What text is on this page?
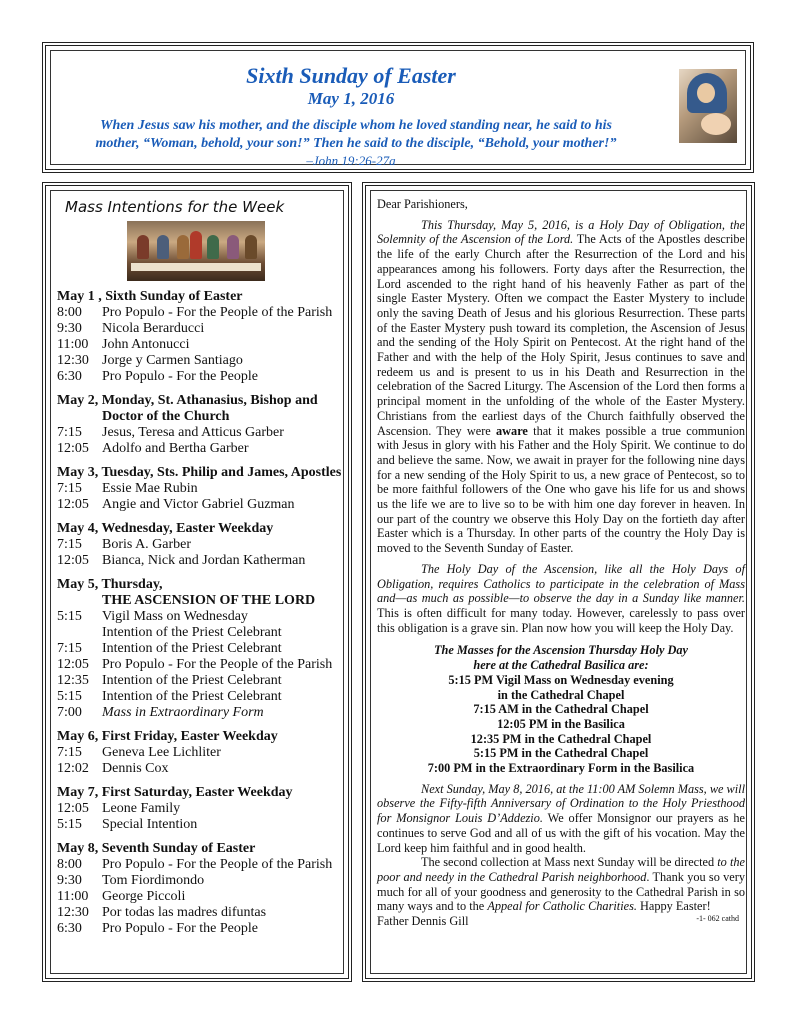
Sixth Sunday of Easter
May 1, 2016
When Jesus saw his mother, and the disciple whom he loved standing near, he said to his
mother, “Woman, behold, your son!” Then he said to the disciple, “Behold, your mother!”
–John 19:26-27a
Mass Intentions for the Week
May 1 , Sixth Sunday of Easter
8:00	Pro Populo - For the People of the Parish
9:30	Nicola Berarducci
11:00 John Antonucci
12:30 Jorge y Carmen Santiago
6:30	Pro Populo - For the People
May 2, Monday, St. Athanasius, Bishop and
Doctor of the Church
7:15	Jesus, Teresa and Atticus Garber
12:05 Adolfo and Bertha Garber
May 3, Tuesday, Sts. Philip and James, Apostles
7:15	Essie Mae Rubin
12:05 Angie and Victor Gabriel Guzman
May 4, Wednesday, Easter Weekday
7:15	Boris A. Garber
12:05 Bianca, Nick and Jordan Katherman
May 5, Thursday,
THE ASCENSION OF THE LORD
5:15	Vigil Mass on Wednesday
Intention of the Priest Celebrant
7:15	Intention of the Priest Celebrant
12:05 Pro Populo - For the People of the Parish
12:35 Intention of the Priest Celebrant
5:15	Intention of the Priest Celebrant
7:00	Mass in Extraordinary Form
May 6, First Friday, Easter Weekday
7:15	Geneva Lee Lichliter
12:02 Dennis Cox
May 7, First Saturday, Easter Weekday
12:05 Leone Family
5:15	Special Intention
May 8, Seventh Sunday of Easter
8:00	Pro Populo - For the People of the Parish
9:30	Tom Fiordimondo
11:00 George Piccoli
12:30 Por todas las madres difuntas
6:30	Pro Populo - For the People

Dear Parishioners,

This Thursday, May 5, 2016, is a Holy Day of Obligation, the Solemnity of the Ascension of the Lord. The Acts of the Apostles describe the life of the early Church after the Resurrection of the Lord and his appearances among his followers. Forty days after the Resurrection, the Lord ascended to the right hand of his heavenly Father as part of the single Easter Mystery. Often we compact the Easter Mystery to include only the saving Death of Jesus and his glorious Resurrection. These parts of the Easter Mystery push toward its completion, the Ascension of Jesus and the sending of the Holy Spirit on Pentecost. At the right hand of the Father and with the help of the Holy Spirit, Jesus continues to save and redeem us and is present to us in his Death and Resurrection in the celebration of the Sacred Liturgy. The Ascension of the Lord then forms a principal moment in the unfolding of the whole of the Easter Mystery. Christians from the earliest days of the Church faithfully observed the Ascension. They were aware that it makes possible a true communion with Jesus in glory with his Father and the Holy Spirit. We continue to do and believe the same. Now, we await in prayer for the following nine days for a new sending of the Holy Spirit to us, a new grace of Pentecost, so to be more faithful followers of the One who gave his life for us and shows us the life we are to live so to be with him one day forever in heaven. In our part of the country we observe this Holy Day on the fortieth day after Easter which is a Thursday. In other parts of the country the Holy Day is moved to the Seventh Sunday of Easter.

The Holy Day of the Ascension, like all the Holy Days of Obligation, requires Catholics to participate in the celebration of Mass and—as much as possible—to observe the day in a Sunday like manner. This is often difficult for many today. However, carelessly to pass over this obligation is a grave sin. Plan now how you will keep the Holy Day.

The Masses for the Ascension Thursday Holy Day
here at the Cathedral Basilica are:
5:15 PM Vigil Mass on Wednesday evening
in the Cathedral Chapel
7:15 AM in the Cathedral Chapel
12:05 PM in the Basilica
12:35 PM in the Cathedral Chapel
5:15 PM in the Cathedral Chapel
7:00 PM in the Extraordinary Form in the Basilica

Next Sunday, May 8, 2016, at the 11:00 AM Solemn Mass, we will observe the Fifty-fifth Anniversary of Ordination to the Holy Priesthood for Monsignor Louis D’Addezio. We offer Monsignor our prayers as he continues to serve God and all of us with the gift of his vocation. May the Lord keep him faithful and in good health.

The second collection at Mass next Sunday will be directed to the poor and needy in the Cathedral Parish neighborhood. Thank you so very much for all of your goodness and generosity to the Cathedral Parish in so many ways and to the Appeal for Catholic Charities. Happy Easter!

Father Dennis Gill	-1- 062 cathd
